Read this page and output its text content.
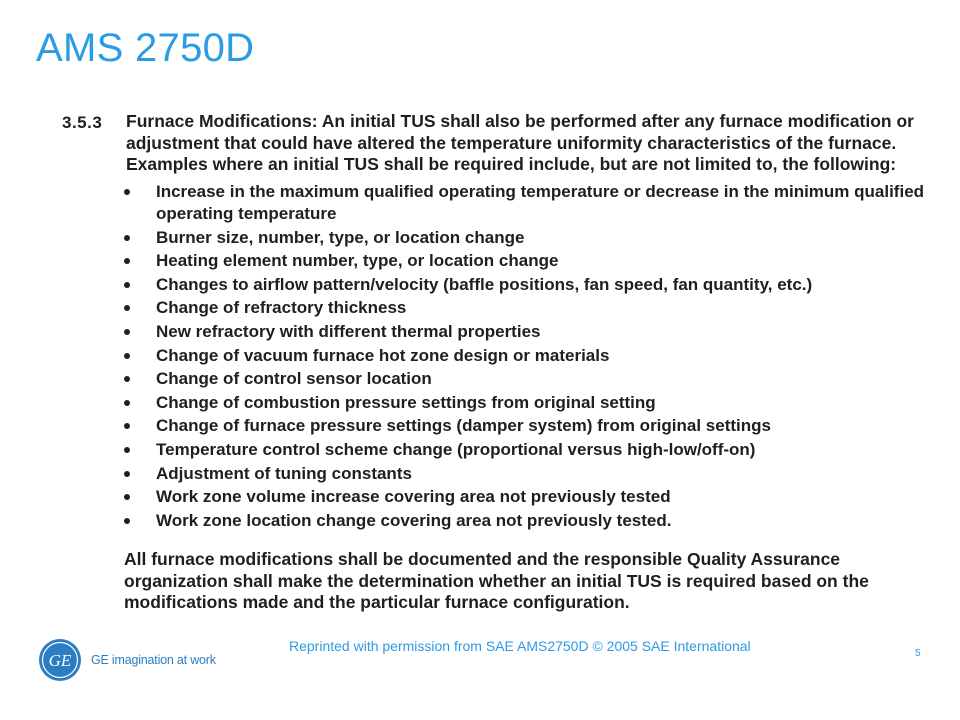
AMS 2750D
3.5.3 Furnace Modifications: An initial TUS shall also be performed after any furnace modification or adjustment that could have altered the temperature uniformity characteristics of the furnace. Examples where an initial TUS shall be required include, but are not limited to, the following:

Increase in the maximum qualified operating temperature or decrease in the minimum qualified operating temperature
Burner size, number, type, or location change
Heating element number, type, or location change
Changes to airflow pattern/velocity (baffle positions, fan speed, fan quantity, etc.)
Change of refractory thickness
New refractory with different thermal properties
Change of vacuum furnace hot zone design or materials
Change of control sensor location
Change of combustion pressure settings from original setting
Change of furnace pressure settings (damper system) from original settings
Temperature control scheme change (proportional versus high-low/off-on)
Adjustment of tuning constants
Work zone volume increase covering area not previously tested
Work zone location change covering area not previously tested.

All furnace modifications shall be documented and the responsible Quality Assurance organization shall make the determination whether an initial TUS is required based on the modifications made and the particular furnace configuration.

GE GE imagination at work
Reprinted with permission from SAE AMS2750D © 2005 SAE International	5
